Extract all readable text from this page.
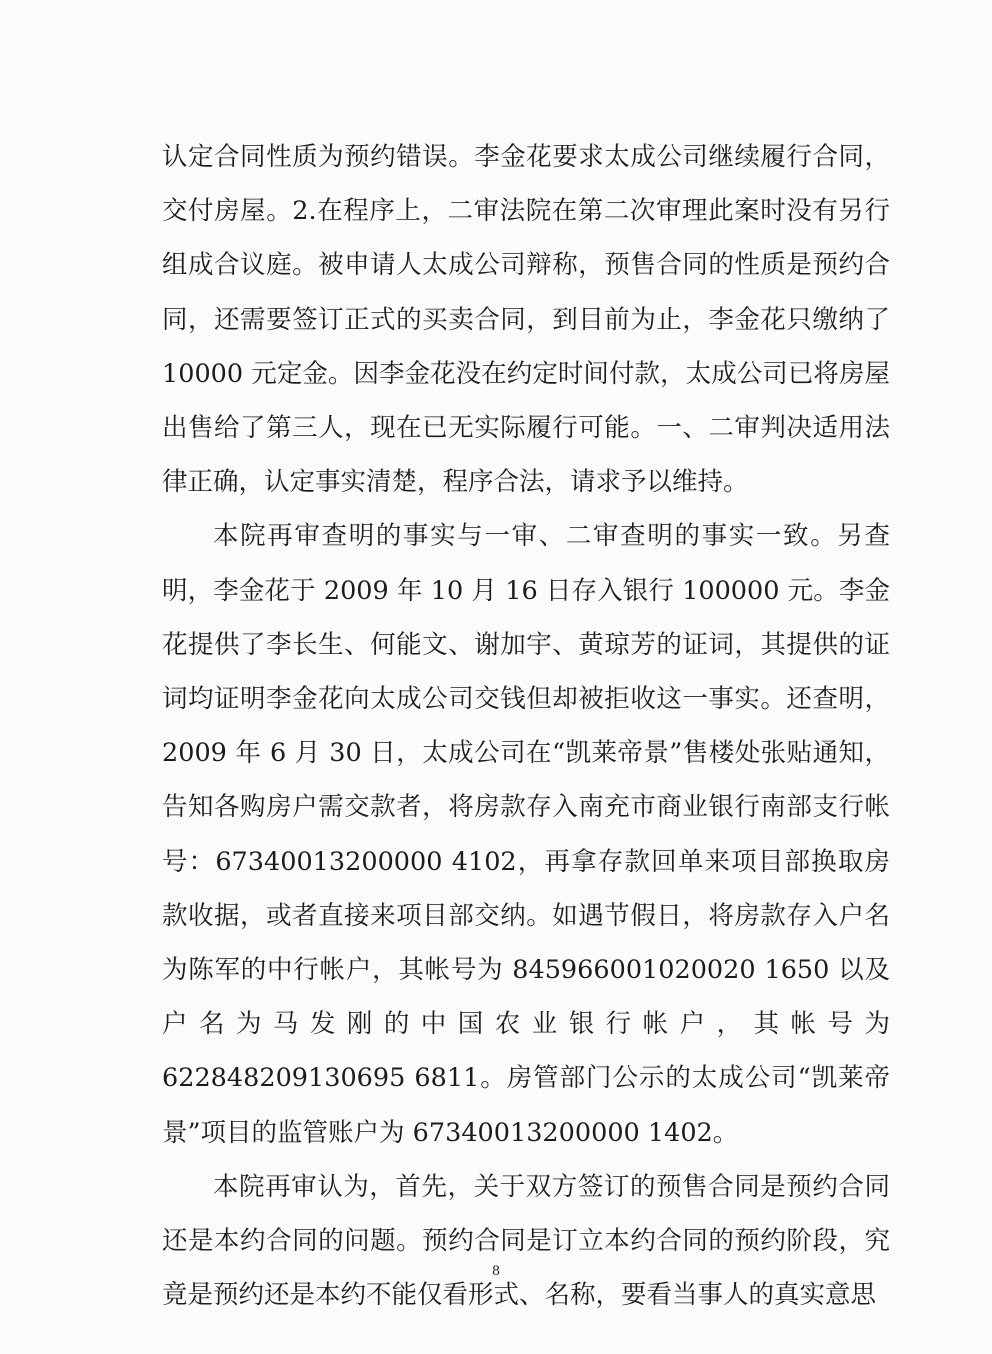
认定合同性质为预约错误。李金花要求太成公司继续履行合同，交付房屋。2.在程序上，二审法院在第二次审理此案时没有另行组成合议庭。被申请人太成公司辩称，预售合同的性质是预约合同，还需要签订正式的买卖合同，到目前为止，李金花只缴纳了10000 元定金。因李金花没在约定时间付款，太成公司已将房屋出售给了第三人，现在已无实际履行可能。一、二审判决适用法律正确，认定事实清楚，程序合法，请求予以维持。

本院再审查明的事实与一审、二审查明的事实一致。另查明，李金花于 2009 年 10 月 16 日存入银行 100000 元。李金花提供了李长生、何能文、谢加宇、黄琼芳的证词，其提供的证词均证明李金花向太成公司交钱但却被拒收这一事实。还查明，2009 年 6 月 30 日，太成公司在“凯莱帝景”售楼处张贴通知，告知各购房户需交款者，将房款存入南充市商业银行南部支行帐号：67340013200000 4102，再拿存款回单来项目部换取房款收据，或者直接来项目部交纳。如遇节假日，将房款存入户名为陈军的中行帐户，其帐号为 845966001020020 1650 以及户名为马发刚的中国农业银行帐户，其帐号为 622848209130695 6811。房管部门公示的太成公司“凯莱帝景”项目的监管账户为 67340013200000 1402。

本院再审认为，首先，关于双方签订的预售合同是预约合同还是本约合同的问题。预约合同是订立本约合同的预约阶段，究竟是预约还是本约不能仅看形式、名称，要看当事人的真实意思

8
